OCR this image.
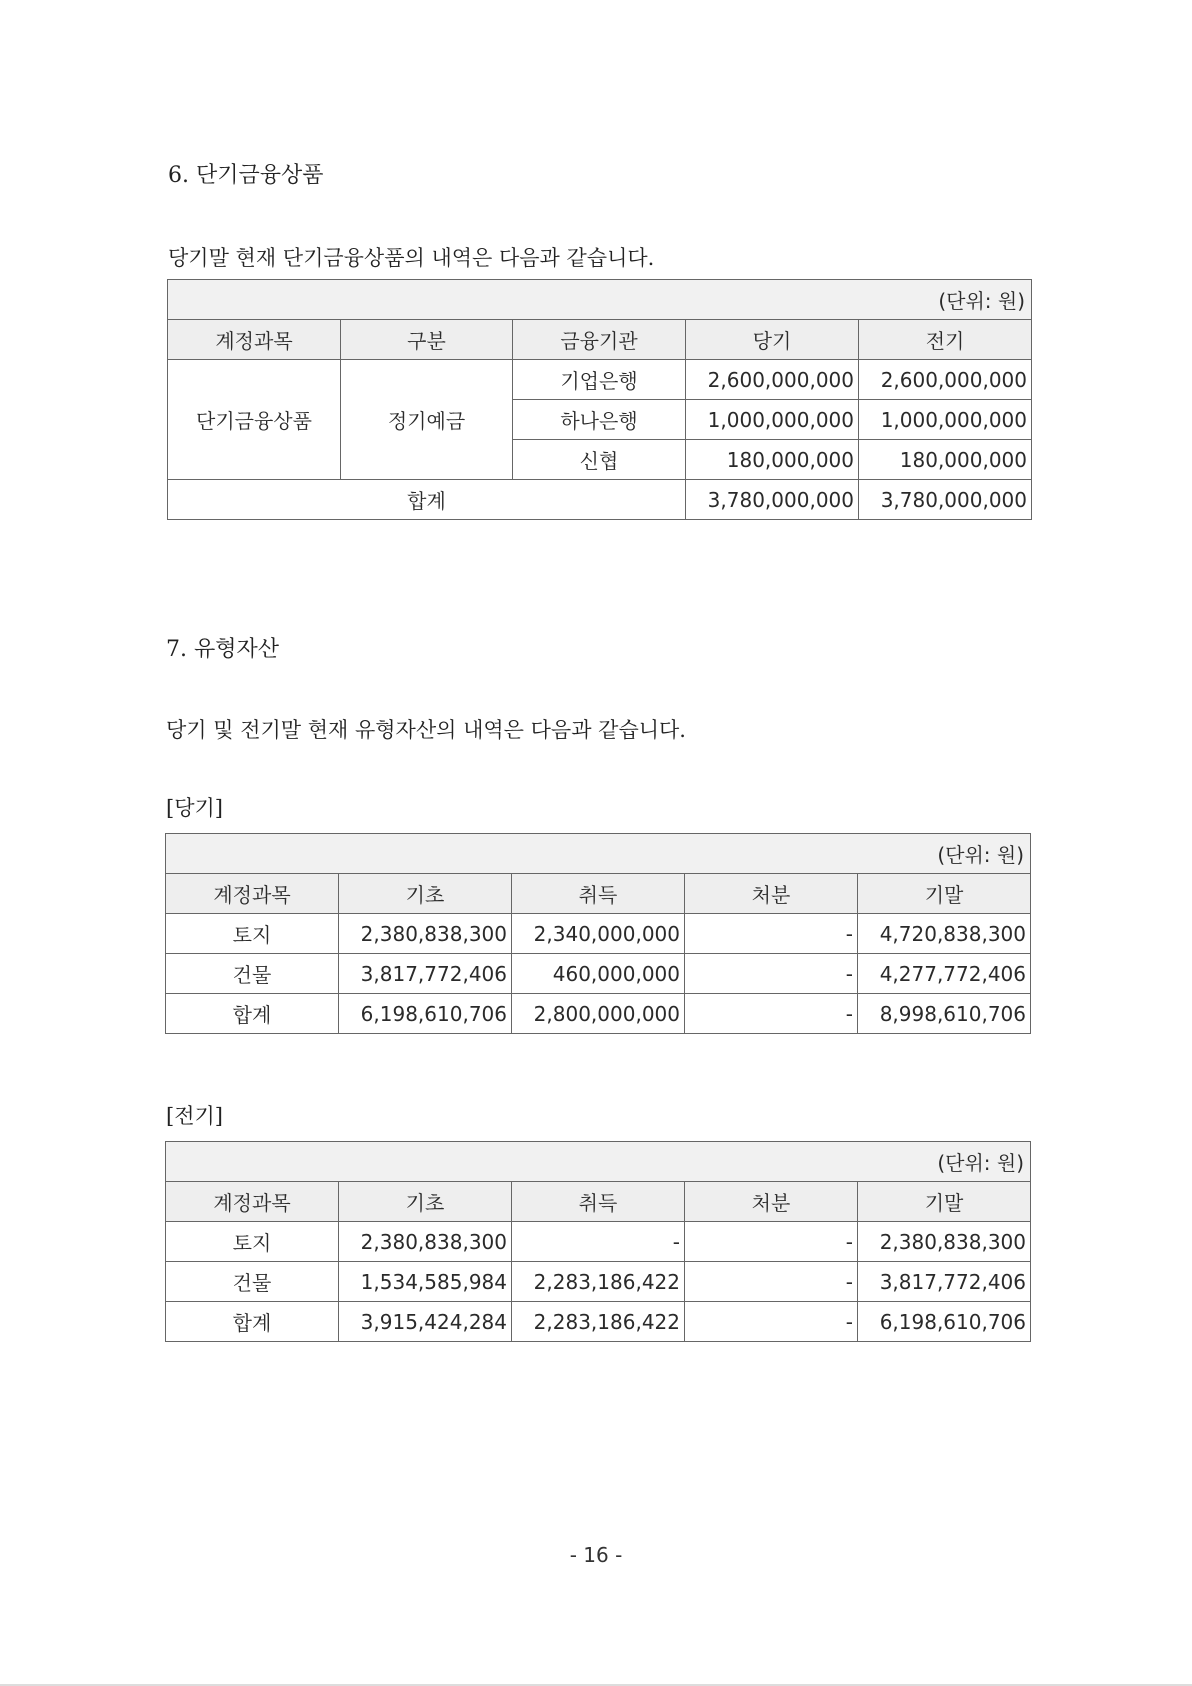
6. 단기금융상품
당기말 현재 단기금융상품의 내역은 다음과 같습니다.
(단위: 원)				
계정과목	구분	금융기관	당기	전기
단기금융상품	정기예금	기업은행	2,600,000,000	2,600,000,000
		하나은행	1,000,000,000	1,000,000,000
		신협	180,000,000	180,000,000
합계			3,780,000,000	3,780,000,000
7. 유형자산
당기 및 전기말 현재 유형자산의 내역은 다음과 같습니다.
[당기]
(단위: 원)				
계정과목	기초	취득	처분	기말
토지	2,380,838,300	2,340,000,000	-	4,720,838,300
건물	3,817,772,406	460,000,000	-	4,277,772,406
합계	6,198,610,706	2,800,000,000	-	8,998,610,706
[전기]
(단위: 원)				
계정과목	기초	취득	처분	기말
토지	2,380,838,300	-	-	2,380,838,300
건물	1,534,585,984	2,283,186,422	-	3,817,772,406
합계	3,915,424,284	2,283,186,422	-	6,198,610,706
- 16 -
